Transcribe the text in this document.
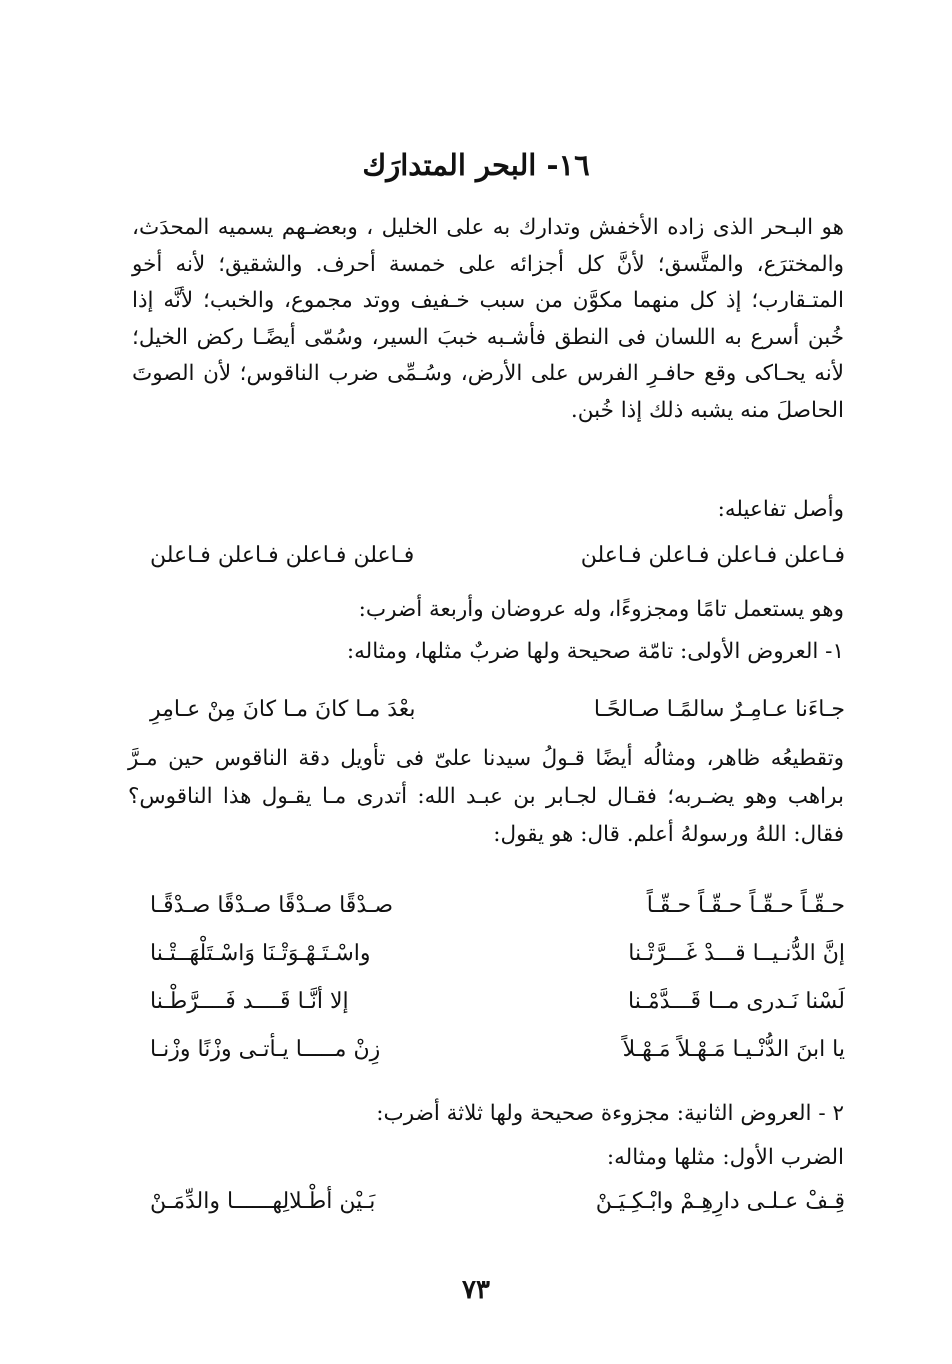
١٦- البحر المتدارَك
هو البـحر الذى زاده الأخفش وتدارك به على الخليل ، وبعضـهم يسميه المحدَث، والمخترَع، والمتَّسق؛ لأنَّ كل أجزائه على خمسة أحرف. والشقيق؛ لأنه أخو المتـقارب؛ إذ كل منهما مكوَّن من سبب خـفيف ووتد مجموع، والخبب؛ لأنَّه إذا خُبن أسرع به اللسان فى النطق فأشـبه خببَ السير، وسُمّى أيضًـا ركض الخيل؛ لأنه يحـاكى وقع حافـرِ الفرس على الأرض، وسُـمِّى ضرب الناقوس؛ لأن الصوتَ الحاصلَ منه يشبه ذلك إذا خُبن.
وأصل تفاعيله:
فـاعلن فـاعلن فـاعلن فـاعلن
فـاعلن فـاعلن فـاعلن فـاعلن
وهو يستعمل تامًا ومجزوءًا، وله عروضان وأربعة أضرب:
١- العروض الأولى: تامّة صحيحة ولها ضربٌ مثلها، ومثاله:
جـاءَنا عـامِـرٌ سالمًـا صـالحًـا
بعْدَ مـا كانَ مـا كانَ مِنْ عـامِرِ
وتقطيعُه ظاهر، ومثالُه أيضًا قـولُ سيدنا علىّ فى تأويل دقة الناقوس حين مـرَّ براهب وهو يضـربه؛ فقـال لجـابر بن عبـد الله: أتدرى مـا يقـول هذا الناقوس؟ فقال: اللهُ ورسولهُ أعلم. قال: هو يقول:
حـقّـاً حـقّـاً حـقّـاً حـقّـاً
صـدْقًا صـدْقًا صـدْقًا صـدْقًـا
إنَّ الدُّنـيــا قـــدْ غَـــرَّتْـنا
واسْـتَـهْـوَتْـنَا وَاسْـتَلْهَــتْـنا
لَسْنا نَـدرى مــا قَـــدَّمْـنا
إلا أنَّـا قَــــد فَــــرَّطْـنا
يا ابنَ الدُّنْـيـا مَـهْـلاً مَـهْـلاً
زِنْ مـــــا يـأتـى وزْنًا وزْنـا
٢ - العروض الثانية: مجزوءة صحيحة ولها ثلاثة أضرب:
الضرب الأول: مثلها ومثاله:
قِـفْ عـلـى دارِهِـمْ وابْـكِـيَـنْ
بَـيْن أطْـلالِهــــــا والدِّمَـنْ
٧٣
